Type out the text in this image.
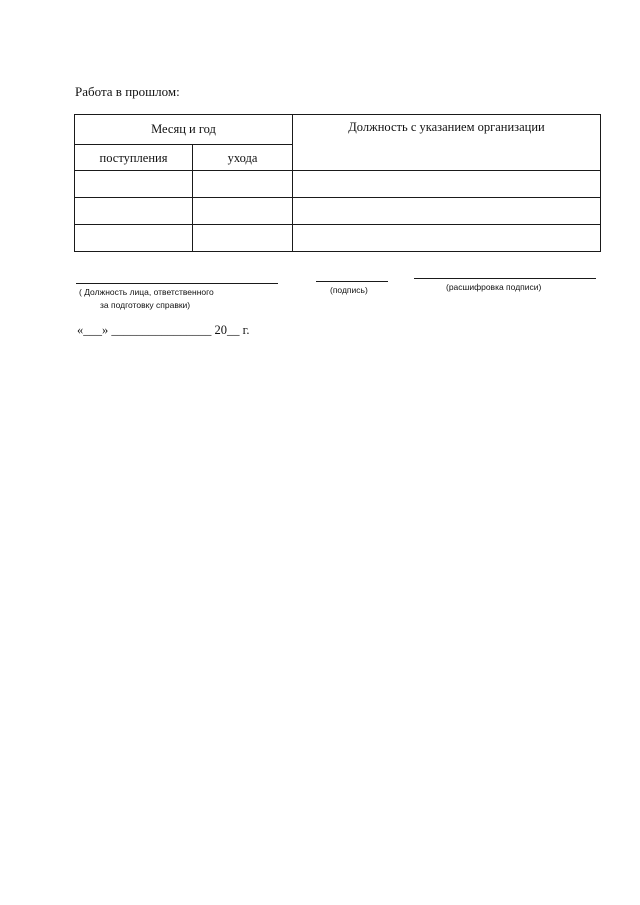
Работа в прошлом:
Месяц и год		Должность с указанием организации
поступления	ухода	

( Должность лица, ответственного
за подготовку справки)
(подпись)	(расшифровка подписи)
«___» ________________ 20__ г.
